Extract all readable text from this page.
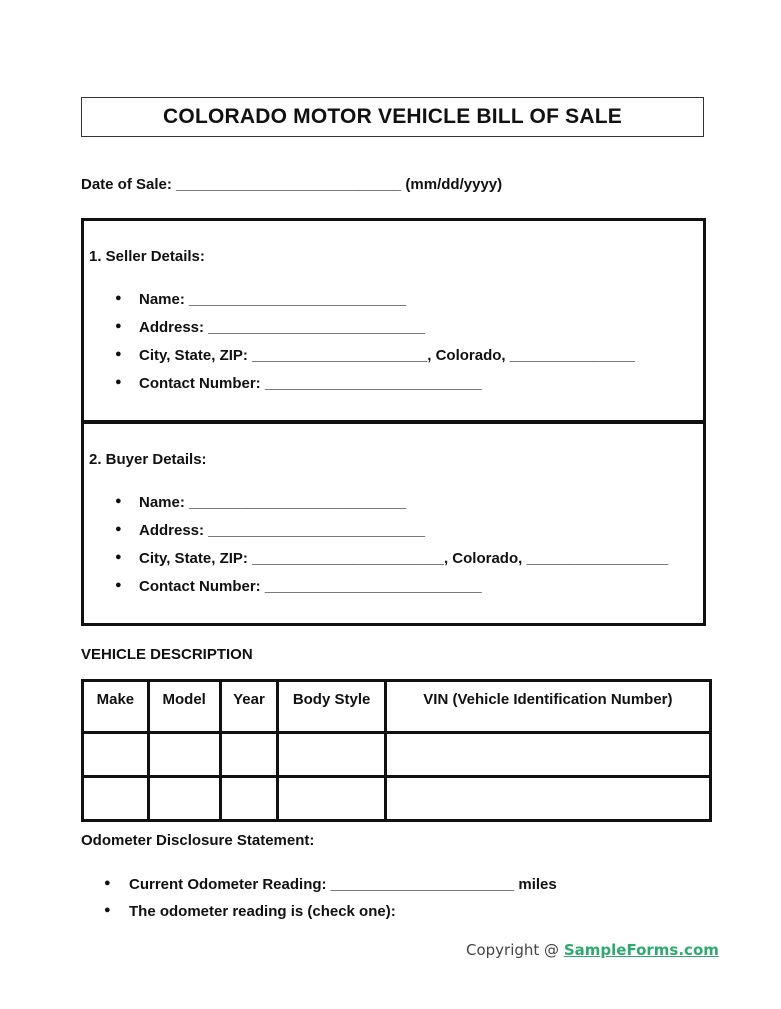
COLORADO MOTOR VEHICLE BILL OF SALE
Date of Sale: ___________________________ (mm/dd/yyyy)
1. Seller Details:
● Name: __________________________
● Address: __________________________
● City, State, ZIP: _____________________, Colorado, _______________
● Contact Number: __________________________
2. Buyer Details:
● Name: __________________________
● Address: __________________________
● City, State, ZIP: _______________________, Colorado, _________________
● Contact Number: __________________________
VEHICLE DESCRIPTION
Make	Model	Year	Body Style	VIN (Vehicle Identification Number)

Odometer Disclosure Statement:
● Current Odometer Reading: ______________________ miles
● The odometer reading is (check one):
Copyright @ SampleForms.com
